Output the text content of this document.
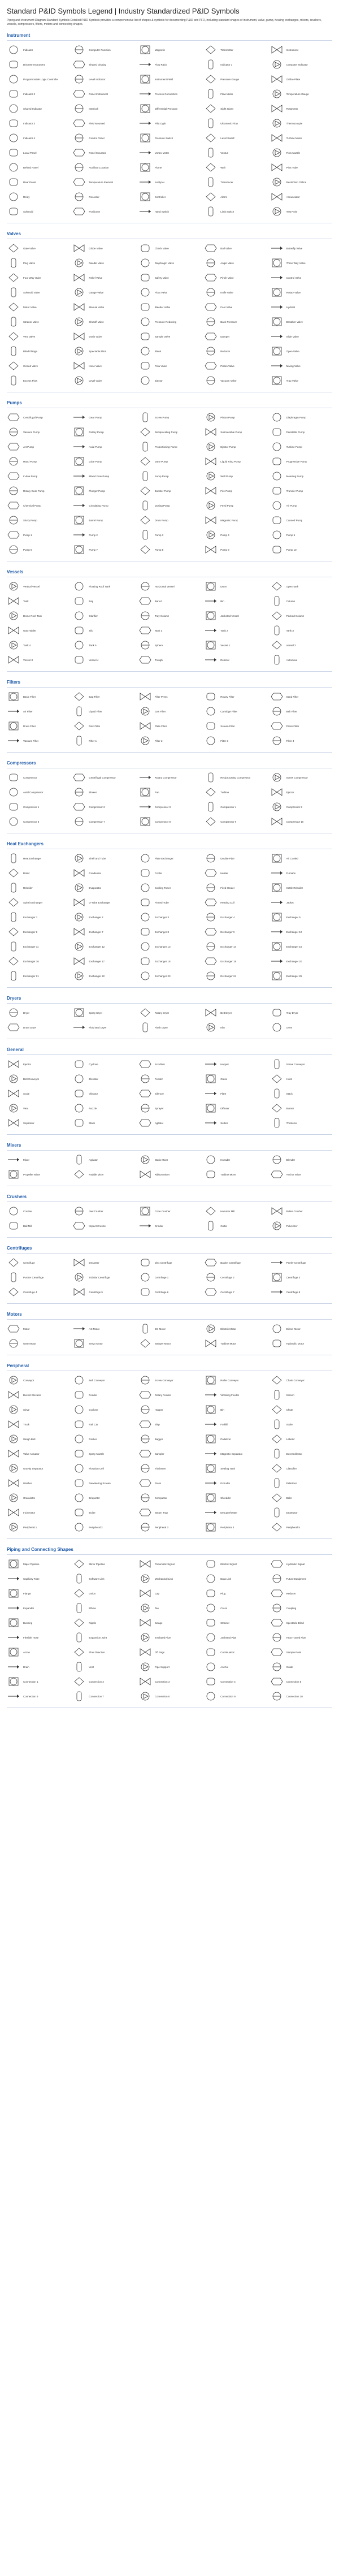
Standard P&ID Symbols Legend | Industry Standardized P&ID Symbols
Piping and Instrument Diagram Standard Symbols Detailed P&ID Symbols provides a comprehensive list of shapes & symbols for documenting P&ID and PFD, including standard shapes of instrument, valve, pump, heating exchanges, mixers, crushers, vessels, compressors, filters, motors and connecting shapes.
Instrument
Indicator	Computer Function	Magnetic	Transmitter	Instrument
Discrete Instrument	Shared Display	Flow Ratio	Indicator 1	Computer Indicator
Programmable Logic Controller	Level Indicator	Instrument Field	Pressure Gauge	Orifice Plate
Indicator 2	Panel Instrument	Process Connection	Flow Meter	Temperature Gauge
Shared Indicator	Interlock	Differential Pressure	Sight Glass	Rotameter
Indicator 3	Field Mounted	Pilot Light	Ultrasonic Flow	Thermocouple
Indicator 4	Control Panel	Pressure Switch	Level Switch	Turbine Meter
Local Panel	Panel Mounted	Vortex Meter	Venturi	Flow Nozzle
Behind Panel	Auxiliary Location	Flume	Weir	Pitot Tube
Rear Panel	Temperature Element	Analyzer	Transducer	Restriction Orifice
Relay	Recorder	Controller	Alarm	Annunciator
Solenoid	Positioner	Hand Switch	Limit Switch	Test Point
Valves
Gate Valve	Globe Valve	Check Valve	Ball Valve	Butterfly Valve
Plug Valve	Needle Valve	Diaphragm Valve	Angle Valve	Three Way Valve
Four Way Valve	Relief Valve	Safety Valve	Pinch Valve	Control Valve
Solenoid Valve	Gauge Valve	Float Valve	Knife Valve	Rotary Valve
Motor Valve	Manual Valve	Bleeder Valve	Foot Valve	Hydrant
Strainer Valve	Shutoff Valve	Pressure Reducing	Back Pressure	Breather Valve
Vent Valve	Drain Valve	Sample Valve	Damper	Slide Valve
Blind Flange	Spectacle Blind	Blank	Reducer	Open Valve
Closed Valve	Hose Valve	Flow Valve	Piston Valve	Mixing Valve
Excess Flow	Level Valve	Ejector	Vacuum Valve	Trap Valve
Pumps
Centrifugal Pump	Gear Pump	Screw Pump	Piston Pump	Diaphragm Pump
Vacuum Pump	Rotary Pump	Reciprocating Pump	Submersible Pump	Peristaltic Pump
Jet Pump	Axial Pump	Proportioning Pump	Ejector Pump	Turbine Pump
Hand Pump	Lobe Pump	Vane Pump	Liquid Ring Pump	Progressive Pump
In-line Pump	Mixed Flow Pump	Sump Pump	Well Pump	Metering Pump
Rotary Gear Pump	Plunger Pump	Booster Pump	Fire Pump	Transfer Pump
Chemical Pump	Circulating Pump	Dosing Pump	Feed Pump	Air Pump
Slurry Pump	Barrel Pump	Drum Pump	Magnetic Pump	Canned Pump
Pump 1	Pump 2	Pump 3	Pump 4	Pump 5
Pump 6	Pump 7	Pump 8	Pump 9	Pump 10
Vessels
Vertical Vessel	Floating Roof Tank	Horizontal Vessel	Drum	Open Tank
Tank	Bag	Barrel	Bin	Column
Dome Roof Tank	Clarifier	Tray Column	Jacketed Vessel	Packed Column
Gas Holder	Silo	Tank 1	Tank 2	Tank 3
Tank 4	Tank 5	Sphere	Vessel 1	Vessel 2
Vessel 3	Vessel 4	Trough	Reactor	Autoclave
Filters
Basic Filter	Bag Filter	Filter Press	Rotary Filter	Sand Filter
Air Filter	Liquid Filter	Gas Filter	Cartridge Filter	Belt Filter
Drum Filter	Disc Filter	Plate Filter	Screen Filter	Press Filter
Vacuum Filter	Filter 1	Filter 2	Filter 3	Filter 4
Compressors
Compressor	Centrifugal Compressor	Rotary Compressor	Reciprocating Compressor	Screw Compressor
Axial Compressor	Blower	Fan	Turbine	Ejector
Compressor 1	Compressor 2	Compressor 3	Compressor 4	Compressor 5
Compressor 6	Compressor 7	Compressor 8	Compressor 9	Compressor 10
Heat Exchangers
Heat Exchanger	Shell and Tube	Plate Exchanger	Double Pipe	Air Cooled
Boiler	Condenser	Cooler	Heater	Furnace
Reboiler	Evaporator	Cooling Tower	Fired Heater	Kettle Reboiler
Spiral Exchanger	U-Tube Exchanger	Finned Tube	Heating Coil	Jacket
Exchanger 1	Exchanger 2	Exchanger 3	Exchanger 4	Exchanger 5
Exchanger 6	Exchanger 7	Exchanger 8	Exchanger 9	Exchanger 10
Exchanger 11	Exchanger 12	Exchanger 13	Exchanger 14	Exchanger 15
Exchanger 16	Exchanger 17	Exchanger 18	Exchanger 19	Exchanger 20
Exchanger 21	Exchanger 22	Exchanger 23	Exchanger 24	Exchanger 25
Dryers
Dryer	Spray Dryer	Rotary Dryer	Belt Dryer	Tray Dryer
Drum Dryer	Fluid Bed Dryer	Flash Dryer	Kiln	Oven
General
Ejector	Cyclone	Scrubber	Hopper	Screw Conveyor
Belt Conveyor	Elevator	Feeder	Crane	Hoist
Scale	Vibrator	Silencer	Flare	Stack
Vent	Nozzle	Sprayer	Diffuser	Burner
Separator	Mixer	Agitator	Settler	Thickener
Mixers
Mixer	Agitator	Static Mixer	Kneader	Blender
Propeller Mixer	Paddle Mixer	Ribbon Mixer	Turbine Mixer	Anchor Mixer
Crushers
Crusher	Jaw Crusher	Cone Crusher	Hammer Mill	Roller Crusher
Ball Mill	Impact Crusher	Grinder	Cutter	Pulverizer
Centrifuges
Centrifuge	Decanter	Disc Centrifuge	Basket Centrifuge	Peeler Centrifuge
Pusher Centrifuge	Tubular Centrifuge	Centrifuge 1	Centrifuge 2	Centrifuge 3
Centrifuge 4	Centrifuge 5	Centrifuge 6	Centrifuge 7	Centrifuge 8
Motors
Motor	AC Motor	DC Motor	Electric Motor	Diesel Motor
Gear Motor	Servo Motor	Stepper Motor	Turbine Motor	Hydraulic Motor
Peripheral
Conveyor	Belt Conveyor	Screw Conveyor	Roller Conveyor	Chain Conveyor
Bucket Elevator	Feeder	Rotary Feeder	Vibrating Feeder	Screen
Sieve	Cyclone	Hopper	Bin	Chute
Truck	Rail Car	Ship	Forklift	Scale
Weigh Belt	Packer	Bagger	Palletizer	Labeler
Valve Actuator	Spray Nozzle	Sampler	Magnetic Separator	Dust Collector
Gravity Separator	Flotation Cell	Thickener	Settling Tank	Classifier
Washer	Dewatering Screen	Press	Extruder	Pelletizer
Granulator	Briquetter	Compactor	Shredder	Baler
Incinerator	Boiler	Steam Trap	Desuperheater	Deaerator
Peripheral 1	Peripheral 2	Peripheral 3	Peripheral 4	Peripheral 5
Piping and Connecting Shapes
Major Pipeline	Minor Pipeline	Pneumatic Signal	Electric Signal	Hydraulic Signal
Capillary Tube	Software Link	Mechanical Link	Data Link	Future Equipment
Flange	Union	Cap	Plug	Reducer
Expander	Elbow	Tee	Cross	Coupling
Bushing	Nipple	Swage	Strainer	Spectacle Blind
Flexible Hose	Expansion Joint	Insulated Pipe	Jacketed Pipe	Heat Traced Pipe
Arrow	Flow Direction	Off Page	Continuation	Sample Point
Drain	Vent	Pipe Support	Anchor	Guide
Connection 1	Connection 2	Connection 3	Connection 4	Connection 5
Connection 6	Connection 7	Connection 8	Connection 9	Connection 10
